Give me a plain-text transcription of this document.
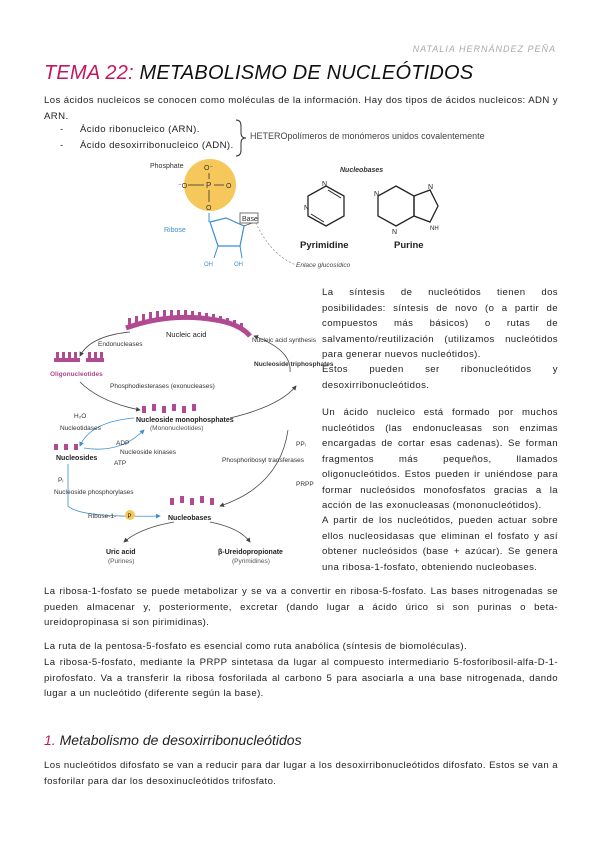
NATALIA HERNÁNDEZ PEÑA
TEMA 22: METABOLISMO DE NUCLEÓTIDOS
Los ácidos nucleicos se conocen como moléculas de la información. Hay dos tipos de ácidos nucleicos: ADN y ARN.
- Ácido ribonucleico (ARN).
- Ácido desoxirribonucleico (ADN).
HETEROpolímeros de monómeros unidos covalentemente
Phosphate
⁻O P O
O⁻
O
Ribose
OH	OH
Base
Enlace glucosídico
Nucleobases
N
N
N
N
N
NH
Pyrimidine	Purine
Nucleic acid
Endonucleases
Oligonucleotides
Nucleic acid synthesis
Nucleoside triphosphates
Phosphodiesterases (exonucleases)
Nucleoside monophosphates
(Mononucleotides)
H₂O
Nucleotidases
ADP
Nucleoside kinases
ATP
Nucleosides	Phosphoribosyl transferases
PPᵢ
PRPP
Pᵢ
Nucleoside phosphorylases
Ribose-1- P	Nucleobases
Uric acid
(Purines)
β-Ureidopropionate
(Pyrimidines)
La síntesis de nucleótidos tienen dos posibilidades: síntesis de novo (o a partir de compuestos más básicos) o rutas de salvamento/reutilización (utilizamos nucleótidos para generar nuevos nucleótidos).
Estos pueden ser ribonucleótidos y desoxirribonucleótidos.
Un ácido nucleico está formado por muchos nucleótidos (las endonucleasas son enzimas encargadas de cortar esas cadenas). Se forman fragmentos más pequeños, llamados oligonucleótidos. Estos pueden ir uniéndose para formar nucleósidos monofosfatos gracias a la acción de las exonucleasas (mononucleótidos).
A partir de los nucleótidos, pueden actuar sobre ellos nucleosidasas que eliminan el fosfato y así obtener nucleósidos (base + azúcar). Se genera una ribosa-1-fosfato, obteniendo nucleobases.
La ribosa-1-fosfato se puede metabolizar y se va a convertir en ribosa-5-fosfato. Las bases nitrogenadas se pueden almacenar y, posteriormente, excretar (dando lugar a ácido úrico si son purinas o beta-ureidopropinasa si son pirimidinas).
La ruta de la pentosa-5-fosfato es esencial como ruta anabólica (síntesis de biomoléculas).
La ribosa-5-fosfato, mediante la PRPP sintetasa da lugar al compuesto intermediario 5-fosforibosil-alfa-D-1-pirofosfato. Va a transferir la ribosa fosforilada al carbono 5 para asociarla a una base nitrogenada, dando lugar a un nucleótido (diferente según la base).
1. Metabolismo de desoxirribonucleótidos
Los nucleótidos difosfato se van a reducir para dar lugar a los desoxirribonucleótidos difosfato. Estos se van a fosforilar para dar los desoxinucleótidos trifosfato.
